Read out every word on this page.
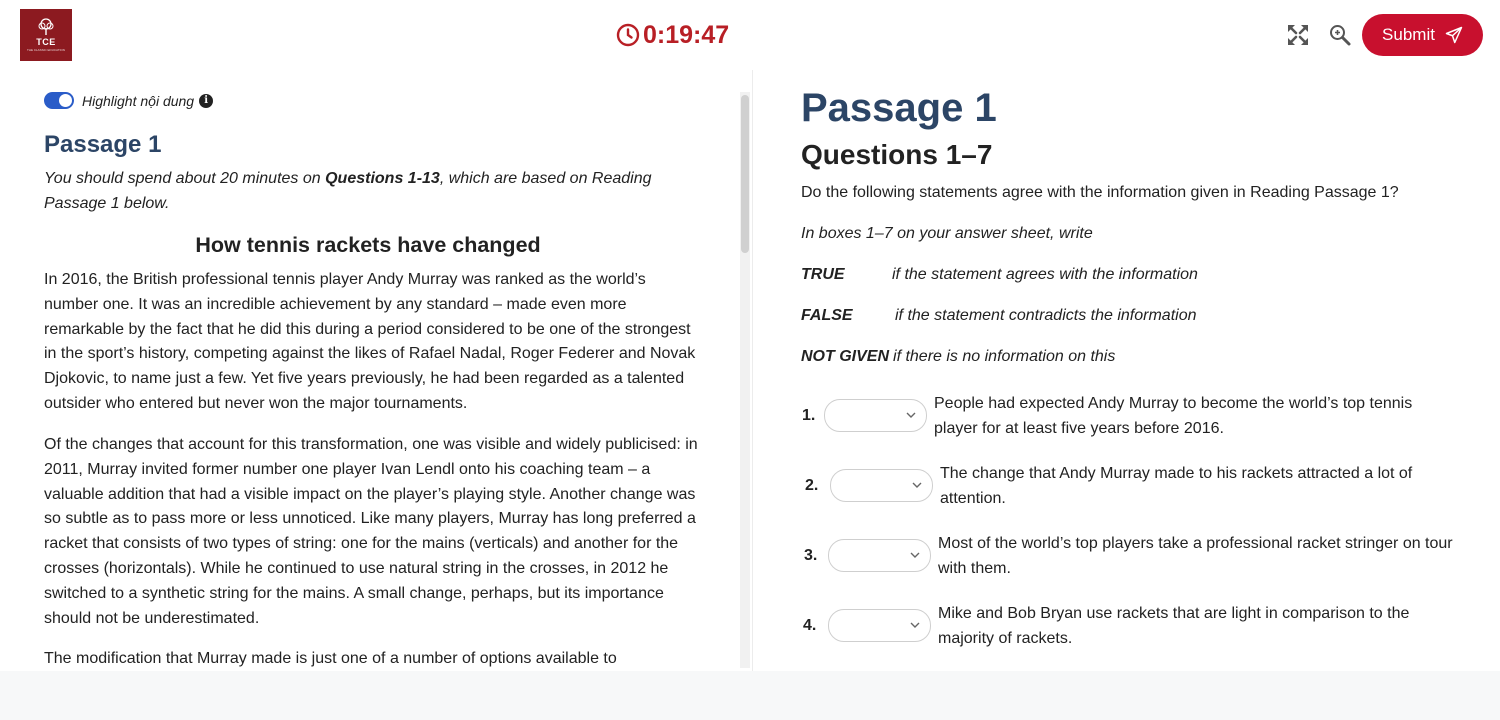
TCE
THE CLASSIC EDUCATION
0:19:47	Submit
Highlight nội dung	i
Passage 1
You should spend about 20 minutes on Questions 1-13, which are based on Reading Passage 1 below.
How tennis rackets have changed
In 2016, the British professional tennis player Andy Murray was ranked as the world’s number one. It was an incredible achievement by any standard – made even more remarkable by the fact that he did this during a period considered to be one of the strongest in the sport’s history, competing against the likes of Rafael Nadal, Roger Federer and Novak Djokovic, to name just a few. Yet five years previously, he had been regarded as a talented outsider who entered but never won the major tournaments.
Of the changes that account for this transformation, one was visible and widely publicised: in 2011, Murray invited former number one player Ivan Lendl onto his coaching team – a valuable addition that had a visible impact on the player’s playing style. Another change was so subtle as to pass more or less unnoticed. Like many players, Murray has long preferred a racket that consists of two types of string: one for the mains (verticals) and another for the crosses (horizontals). While he continued to use natural string in the crosses, in 2012 he switched to a synthetic string for the mains. A small change, perhaps, but its importance should not be underestimated.
The modification that Murray made is just one of a number of options available to
Passage 1
Questions 1–7
Do the following statements agree with the information given in Reading Passage 1?
In boxes 1–7 on your answer sheet, write
TRUE	if the statement agrees with the information
FALSE	if the statement contradicts the information
NOT GIVEN if there is no information on this
1.
People had expected Andy Murray to become the world’s top tennis player for at least five years before 2016.
2.
The change that Andy Murray made to his rackets attracted a lot of attention.
3.
Most of the world’s top players take a professional racket stringer on tour with them.
4.
Mike and Bob Bryan use rackets that are light in comparison to the majority of rackets.
